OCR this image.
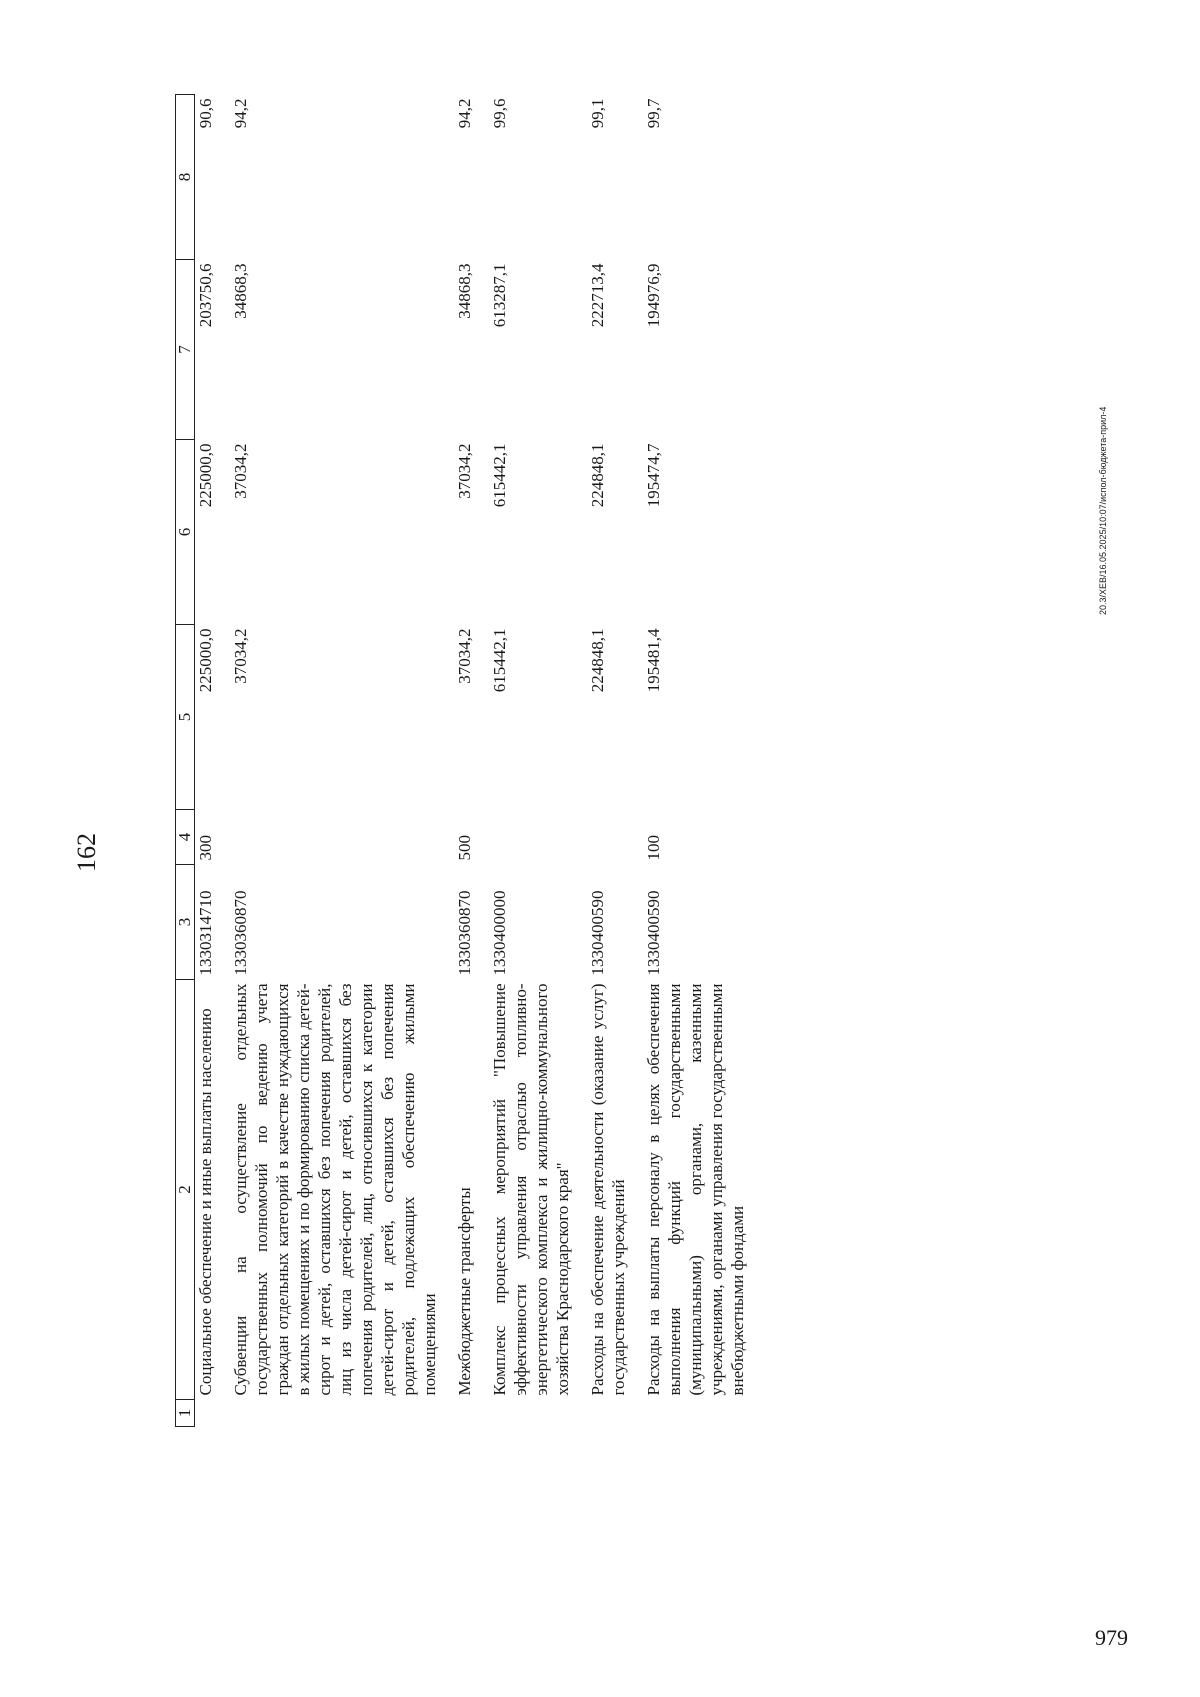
162
1	2	3	4	5	6	7	8
	Социальное обеспечение и иные выплаты населению	1330314710	300	225000,0	225000,0	203750,6	90,6
	Субвенции на осуществление отдельных государственных полномочий по ведению учета граждан отдельных категорий в качестве нуждающихся в жилых помещениях и по формированию списка детей-сирот и детей, оставшихся без попечения родителей, лиц из числа детей-сирот и детей, оставшихся без попечения родителей, лиц, относившихся к категории детей-сирот и детей, оставшихся без попечения родителей, подлежащих обеспечению жилыми помещениями	1330360870		37034,2	37034,2	34868,3	94,2
	Межбюджетные трансферты	1330360870	500	37034,2	37034,2	34868,3	94,2
	Комплекс процессных мероприятий "Повышение эффективности управления отраслью топливно-энергетического комплекса и жилищно-коммунального хозяйства Краснодарского края"	1330400000		615442,1	615442,1	613287,1	99,6
	Расходы на обеспечение деятельности (оказание услуг) государственных учреждений	1330400590		224848,1	224848,1	222713,4	99,1
	Расходы на выплаты персоналу в целях обеспечения выполнения функций государственными (муниципальными) органами, казенными учреждениями, органами управления государственными внебюджетными фондами	1330400590	100	195481,4	195474,7	194976,9	99,7
20.3/XEB/16.05.2025/10:07/испол-бюджета-прил-4
979
